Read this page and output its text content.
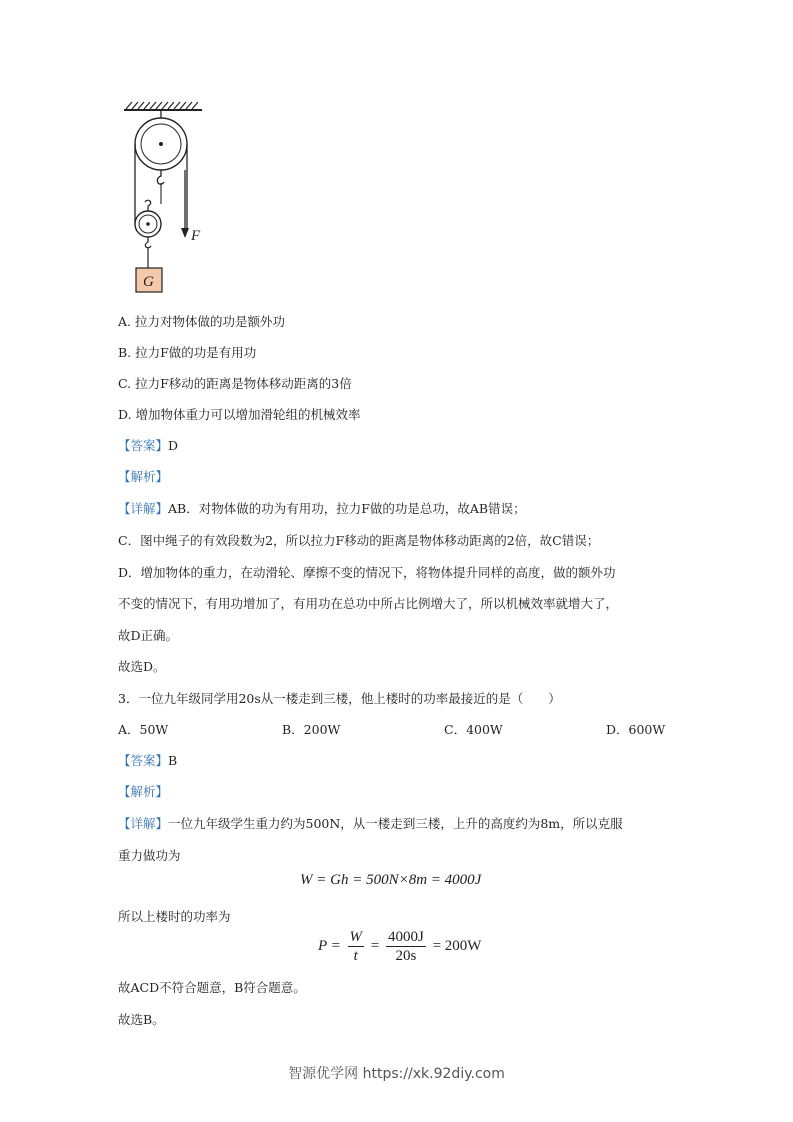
F
G
A. 拉力对物体做的功是额外功
B. 拉力F做的功是有用功
C. 拉力F移动的距离是物体移动距离的3倍
D. 增加物体重力可以增加滑轮组的机械效率
【答案】D
【解析】
【详解】AB．对物体做的功为有用功，拉力F做的功是总功，故AB错误；
C．图中绳子的有效段数为2，所以拉力F移动的距离是物体移动距离的2倍，故C错误；
D．增加物体的重力，在动滑轮、摩擦不变的情况下，将物体提升同样的高度，做的额外功
不变的情况下，有用功增加了，有用功在总功中所占比例增大了，所以机械效率就增大了，
故D正确。
故选D。
3．一位九年级同学用20s从一楼走到三楼，他上楼时的功率最接近的是（　　）
A．50W	B．200W	C．400W	D．600W
【答案】B
【解析】
【详解】一位九年级学生重力约为500N，从一楼走到三楼，上升的高度约为8m，所以克服
重力做功为
W = Gh = 500N×8m = 4000J
所以上楼时的功率为
$P = \frac{W}{t} = \frac{4000J}{20s} = 200W$
故ACD不符合题意，B符合题意。
故选B。
智源优学网 https://xk.92diy.com
